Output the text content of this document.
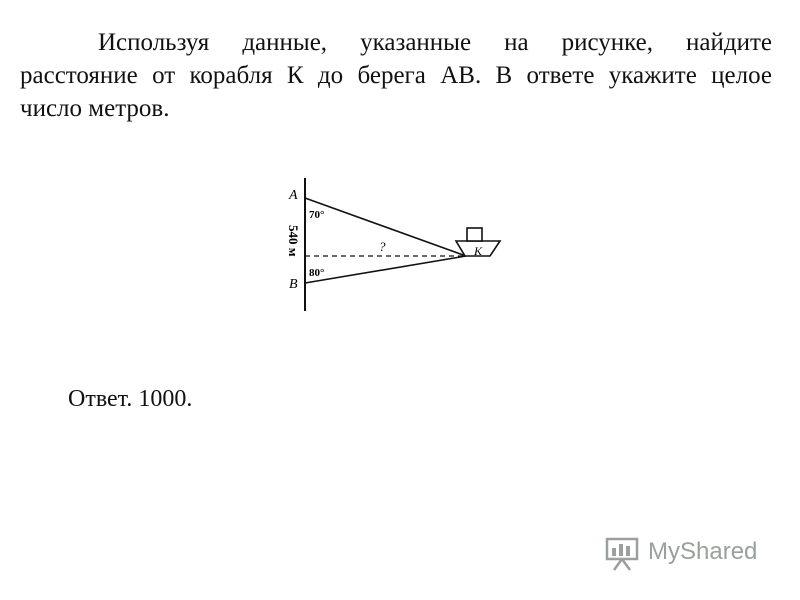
Используя данные, указанные на рисунке, найдите
расстояние от корабля К до берега АВ. В ответе укажите целое
число метров.
A
B
K
70°
80°
?
540 м

Ответ. 1000.

MyShared
